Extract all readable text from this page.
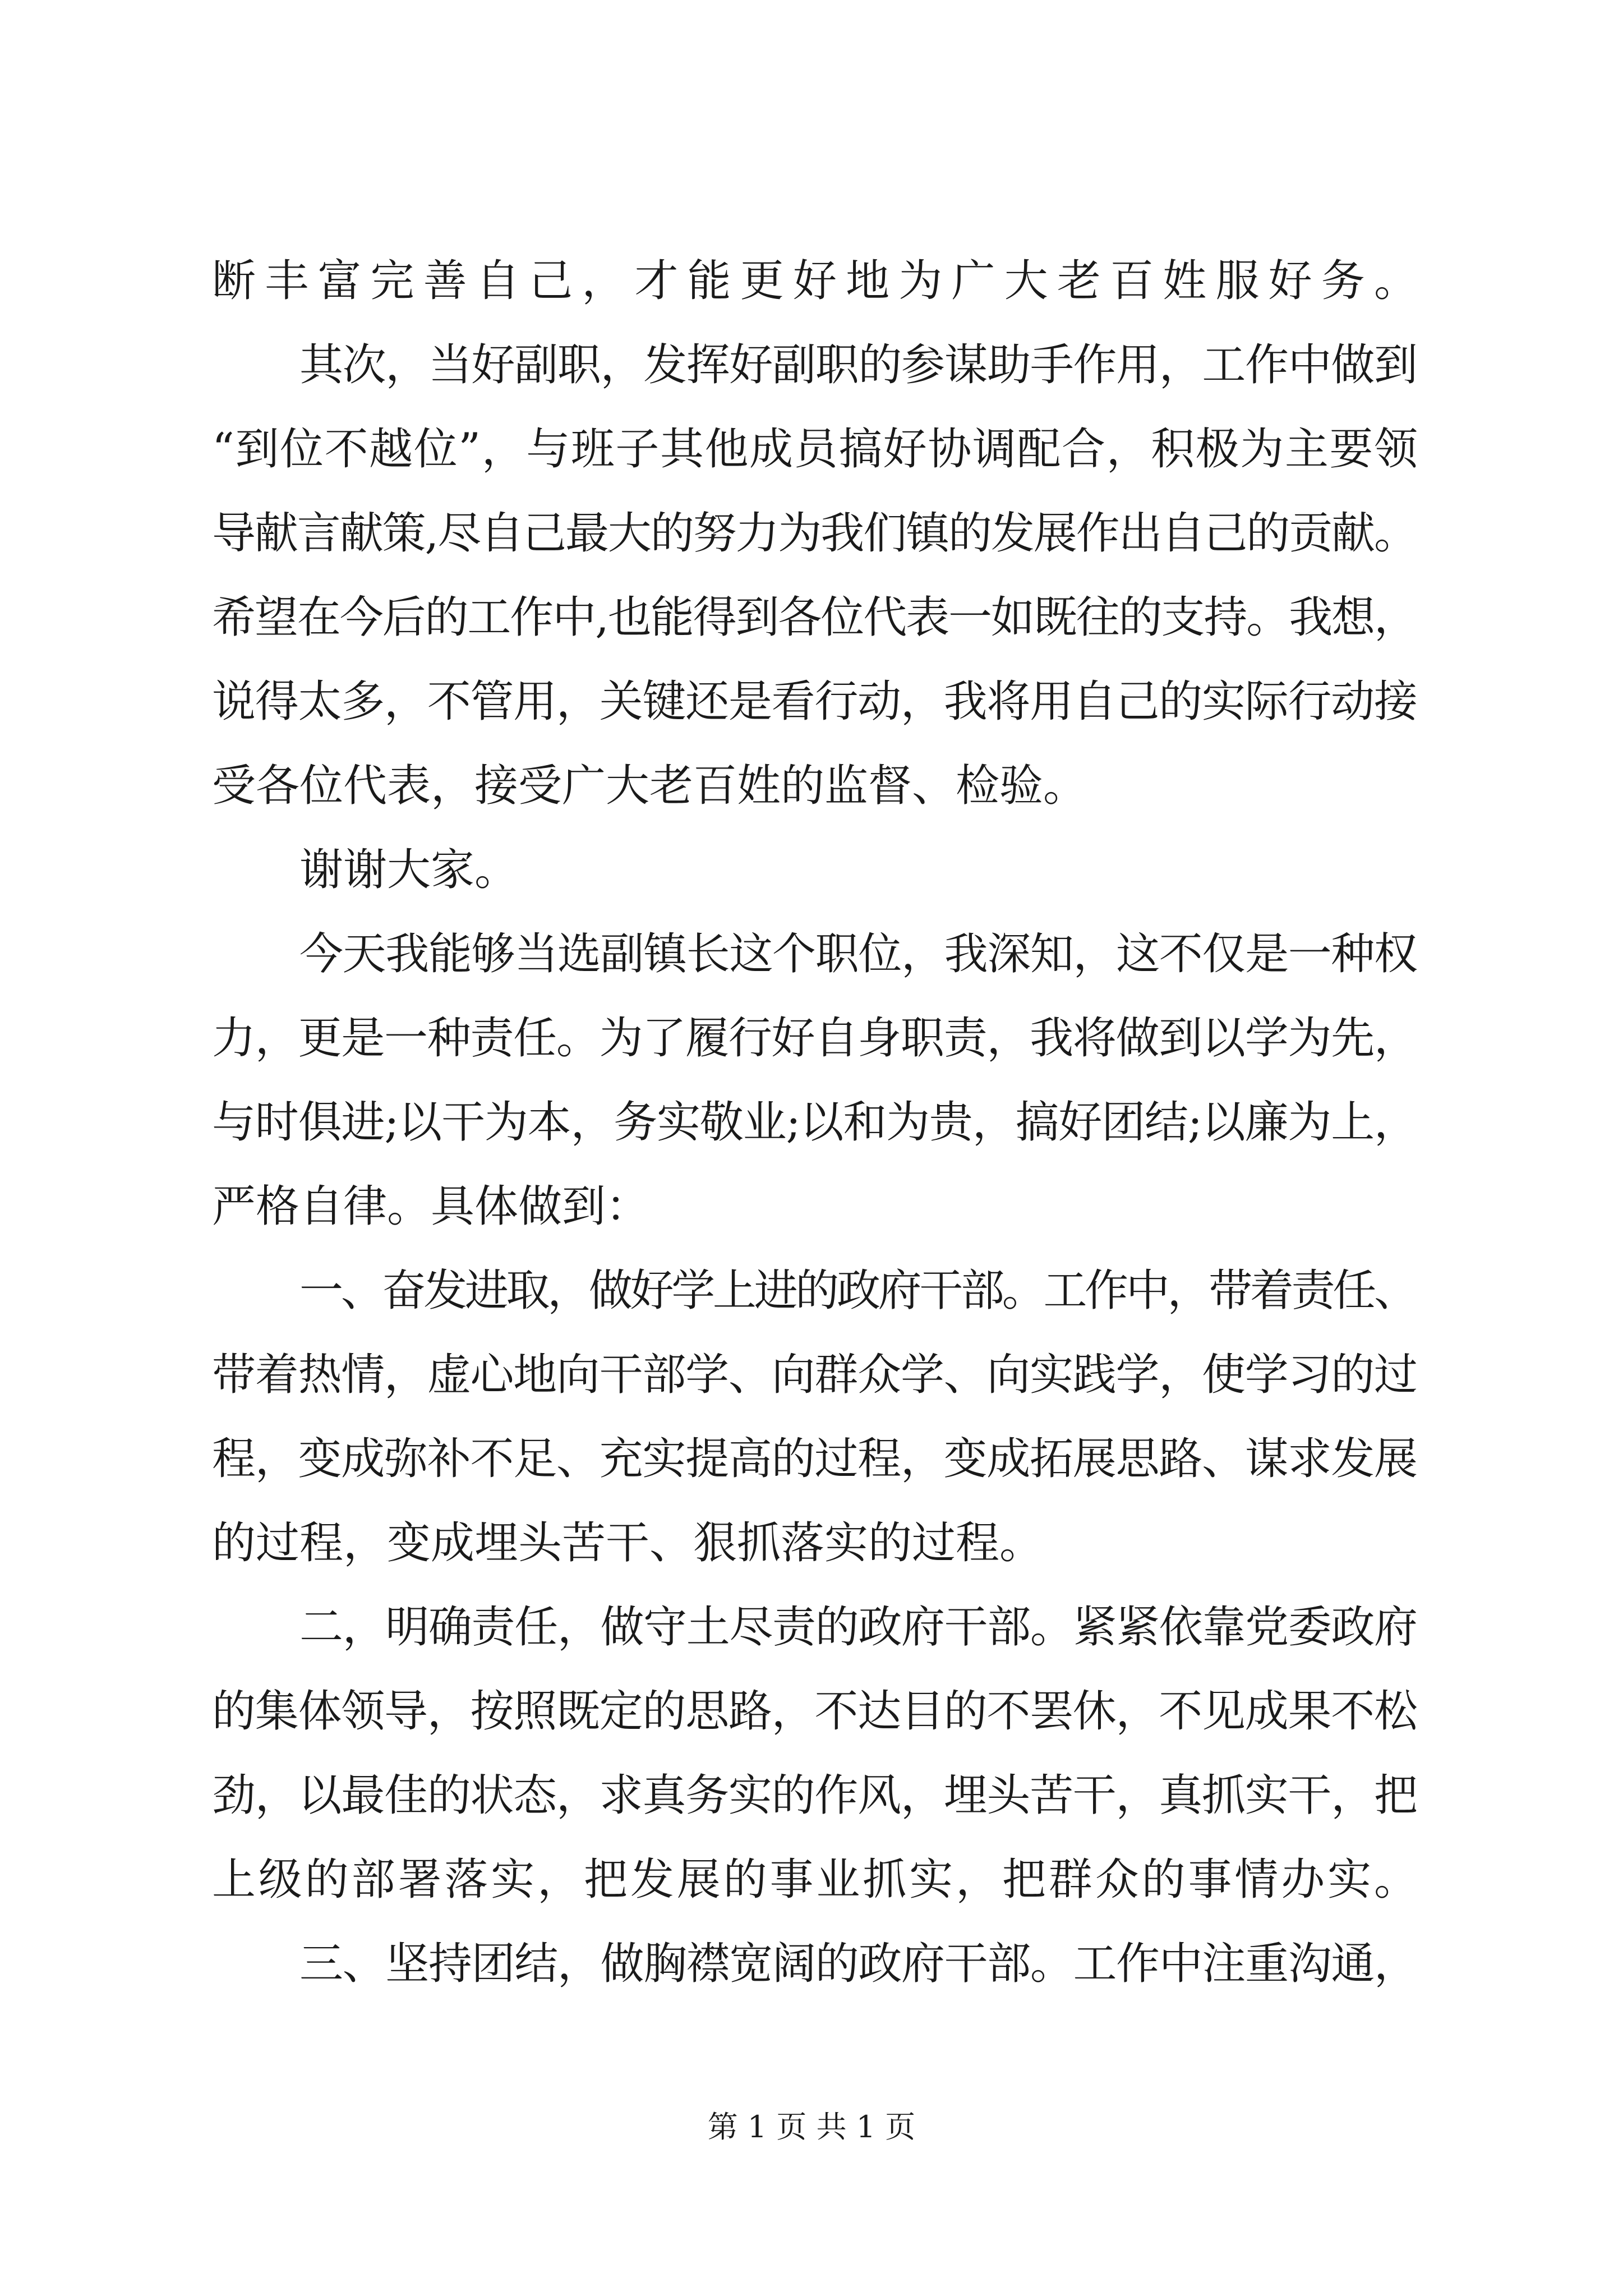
断丰富完善自己，才能更好地为广大老百姓服好务。
其次，当好副职，发挥好副职的参谋助手作用，工作中做到
“到位不越位”，与班子其他成员搞好协调配合，积极为主要领
导献言献策,尽自己最大的努力为我们镇的发展作出自己的贡献。
希望在今后的工作中,也能得到各位代表一如既往的支持。我想，
说得太多，不管用，关键还是看行动，我将用自己的实际行动接
受各位代表，接受广大老百姓的监督、检验。
谢谢大家。
今天我能够当选副镇长这个职位，我深知，这不仅是一种权
力，更是一种责任。为了履行好自身职责，我将做到以学为先，
与时俱进;以干为本，务实敬业;以和为贵，搞好团结;以廉为上，
严格自律。具体做到：
一、奋发进取，做好学上进的政府干部。工作中，带着责任、
带着热情，虚心地向干部学、向群众学、向实践学，使学习的过
程，变成弥补不足、充实提高的过程，变成拓展思路、谋求发展
的过程，变成埋头苦干、狠抓落实的过程。
二，明确责任，做守土尽责的政府干部。紧紧依靠党委政府
的集体领导，按照既定的思路，不达目的不罢休，不见成果不松
劲，以最佳的状态，求真务实的作风，埋头苦干，真抓实干，把
上级的部署落实，把发展的事业抓实，把群众的事情办实。
三、坚持团结，做胸襟宽阔的政府干部。工作中注重沟通，
第 1 页 共 1 页
